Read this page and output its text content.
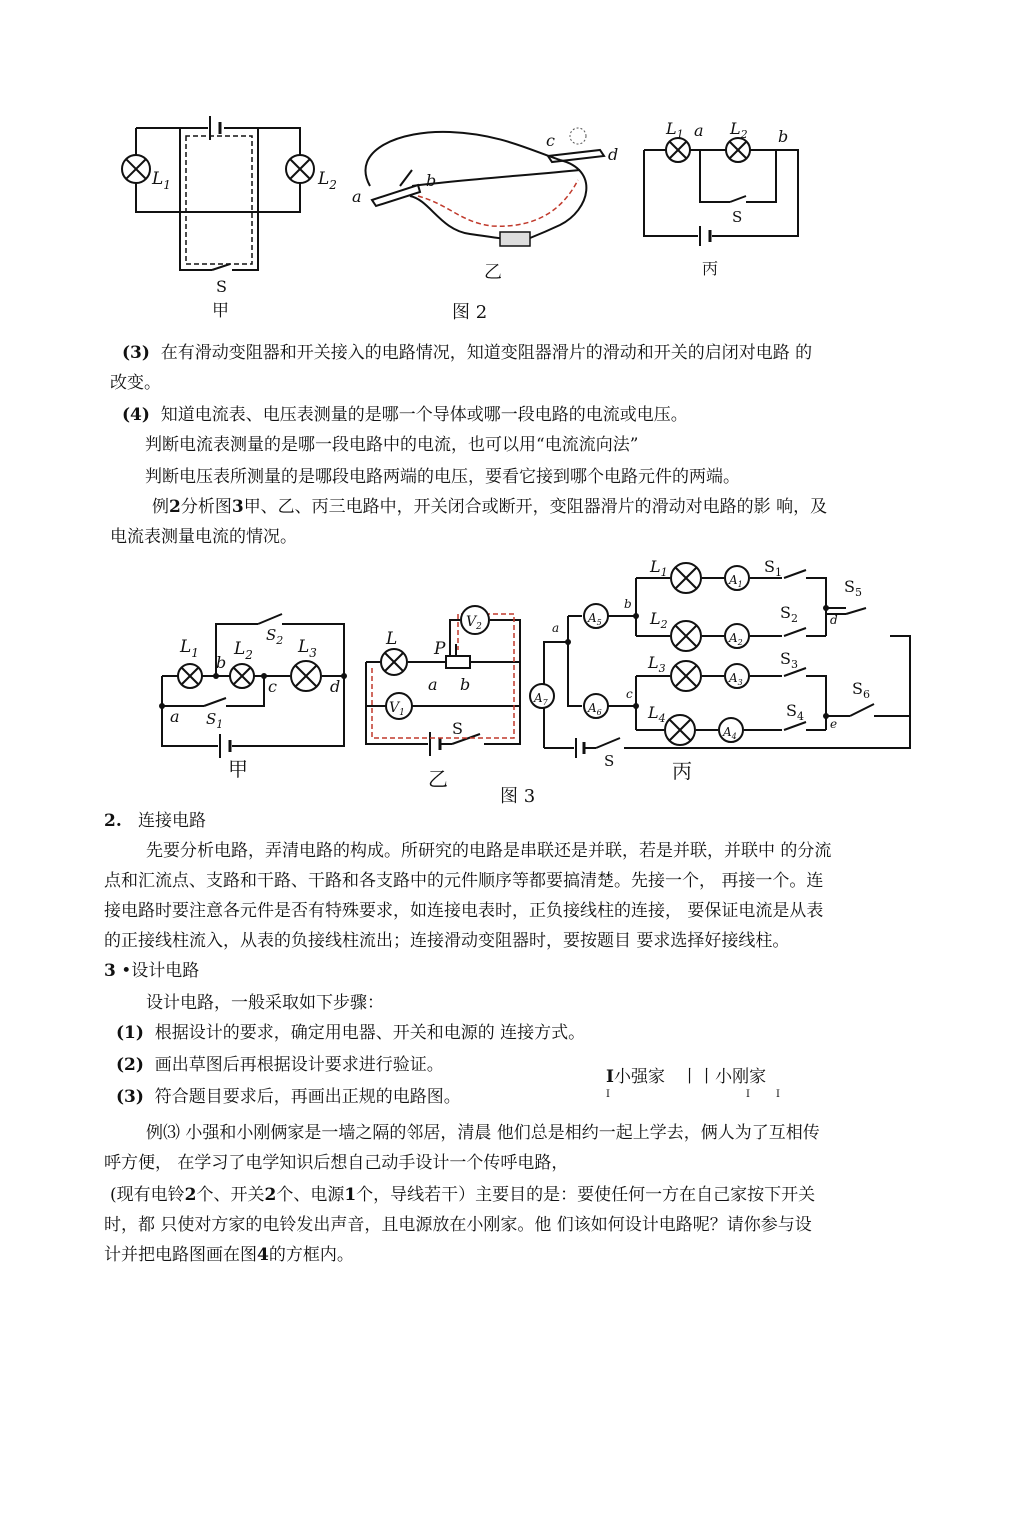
$L_1$	$L_2$
S
甲
a
b
c
d
乙
$L_1$ a $L_2$ b
S
丙
图 2
(3) 在有滑动变阻器和开关接入的电路情况，知道变阻器滑片的滑动和开关的启闭对电路 的
改变。
(4) 知道电流表、电压表测量的是哪一个导体或哪一段电路的电流或电压。
判断电流表测量的是哪一段电路中的电流，也可以用“电流流向法”
判断电压表所测量的是哪段电路两端的电压，要看它接到哪个电路元件的两端。
例2分析图3甲、乙、丙三电路中，开关闭合或断开，变阻器滑片的滑动对电路的影 响，及
电流表测量电流的情况。
$L_1$ $L_2$	$L_3$
$S_2$
$S_1$
a
b
c	d
甲
$V_1$
$V_2$
L P
a b
S
乙
$A_5$
$A_7$	$A_6$
$A_1$
$A_2$
$A_3$
$A_4$
$L_1$
$L_2$
$L_3$
$L_4$
$S_1$
$S_2$
$S_3$
$S_4$
$S_5$
$S_6$
S
a
b
c
d
e
丙
图 3
2. 连接电路
先要分析电路，弄清电路的构成。所研究的电路是串联还是并联，若是并联，并联中 的分流
点和汇流点、支路和干路、干路和各支路中的元件顺序等都要搞清楚。先接一个， 再接一个。连
接电路时要注意各元件是否有特殊要求，如连接电表时，正负接线柱的连接， 要保证电流是从表
的正接线柱流入，从表的负接线柱流出；连接滑动变阻器时，要按题目 要求选择好接线柱。
3 •设计电路
设计电路，一般采取如下步骤：
(1) 根据设计的要求，确定用电器、开关和电源的 连接方式。
(2) 画出草图后再根据设计要求进行验证。
(3) 符合题目要求后，再画出正规的电路图。
I小强家 丨丨小刚家
I	I	I
例⑶ 小强和小刚俩家是一墙之隔的邻居，清晨 他们总是相约一起上学去，俩人为了互相传
呼方便， 在学习了电学知识后想自己动手设计一个传呼电路，
(现有电铃2个、开关2个、电源1个，导线若干）主要目的是：要使任何一方在自己家按下开关
时，都 只使对方家的电铃发出声音，且电源放在小刚家。他 们该如何设计电路呢？请你参与设
计并把电路图画在图4的方框内。
